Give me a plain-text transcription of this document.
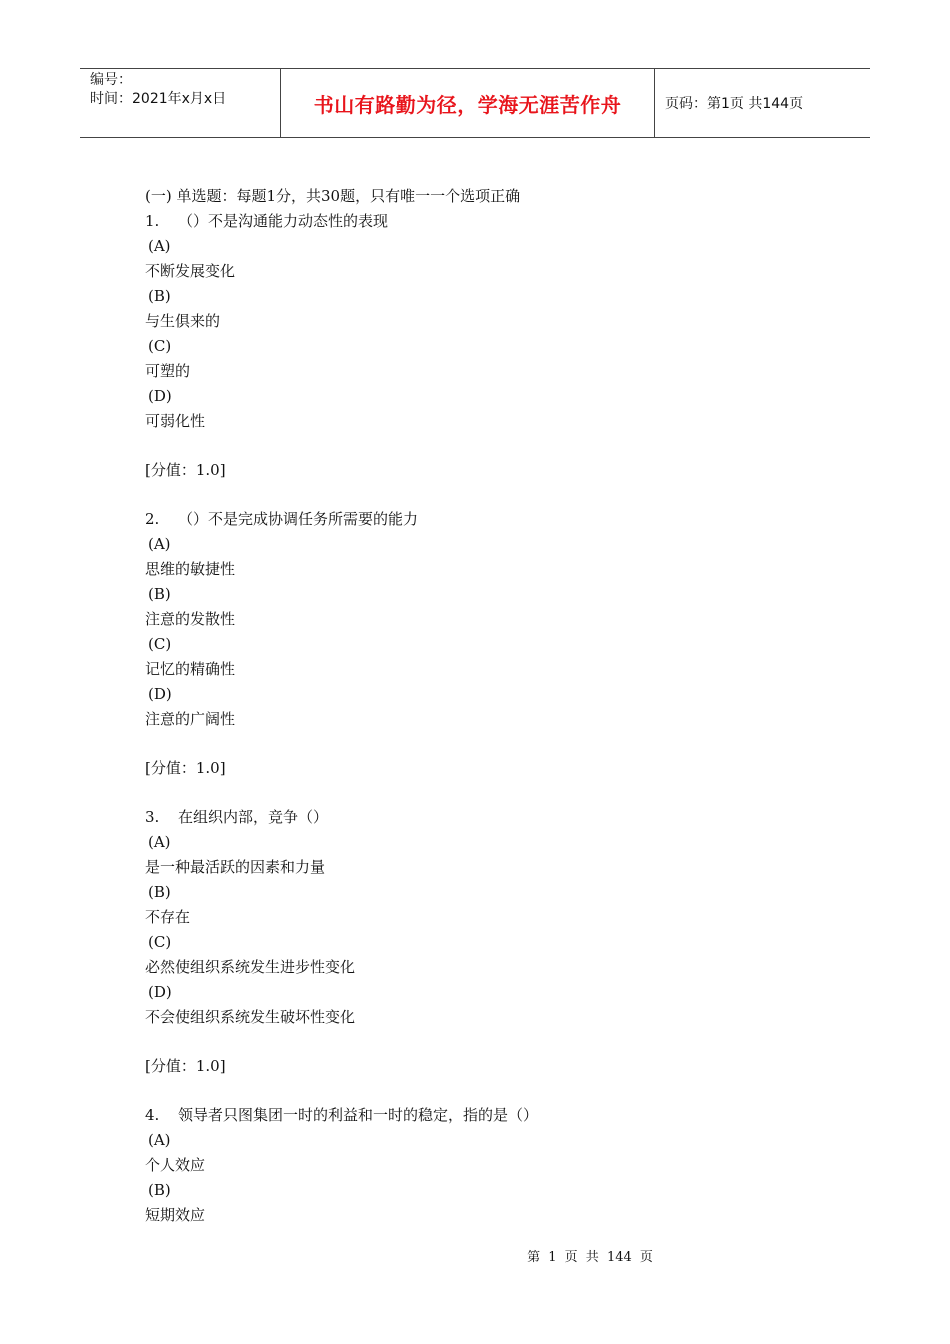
编号：
时间：2021年x月x日	书山有路勤为径，学海无涯苦作舟	页码：第1页 共144页
(一) 单选题：每题1分，共30题，只有唯一一个选项正确
1. （）不是沟通能力动态性的表现
(A)
不断发展变化
(B)
与生俱来的
(C)
可塑的
(D)
可弱化性
[分值：1.0]
2. （）不是完成协调任务所需要的能力
(A)
思维的敏捷性
(B)
注意的发散性
(C)
记忆的精确性
(D)
注意的广阔性
[分值：1.0]
3. 在组织内部，竞争（）
(A)
是一种最活跃的因素和力量
(B)
不存在
(C)
必然使组织系统发生进步性变化
(D)
不会使组织系统发生破坏性变化
[分值：1.0]
4. 领导者只图集团一时的利益和一时的稳定，指的是（）
(A)
个人效应
(B)
短期效应
第 1 页 共 144 页
